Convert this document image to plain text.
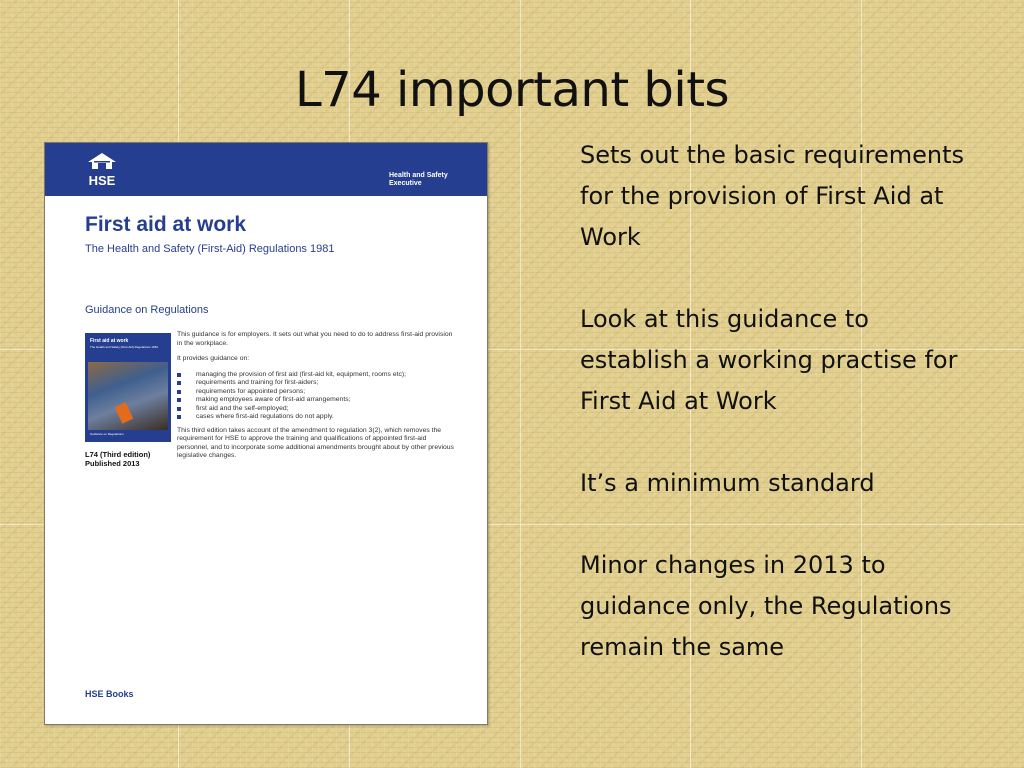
L74 important bits
HSE	Health and Safety Executive
First aid at work
The Health and Safety (First-Aid) Regulations 1981
Guidance on Regulations
First aid at work
The Health and Safety (First-Aid) Regulations 1981
Guidance on Regulations
L74 (Third edition)
Published 2013

This guidance is for employers. It sets out what you need to do to address first-aid provision in the workplace.

It provides guidance on:

managing the provision of first aid (first-aid kit, equipment, rooms etc);
requirements and training for first-aiders;
requirements for appointed persons;
making employees aware of first-aid arrangements;
first aid and the self-employed;
cases where first-aid regulations do not apply.

This third edition takes account of the amendment to regulation 3(2), which removes the requirement for HSE to approve the training and qualifications of appointed first-aid personnel, and to incorporate some additional amendments brought about by other previous legislative changes.

HSE Books

Sets out the basic requirements for the provision of First Aid at Work

Look at this guidance to establish a working practise for First Aid at Work

It’s a minimum standard

Minor changes in 2013 to guidance only, the Regulations remain the same
